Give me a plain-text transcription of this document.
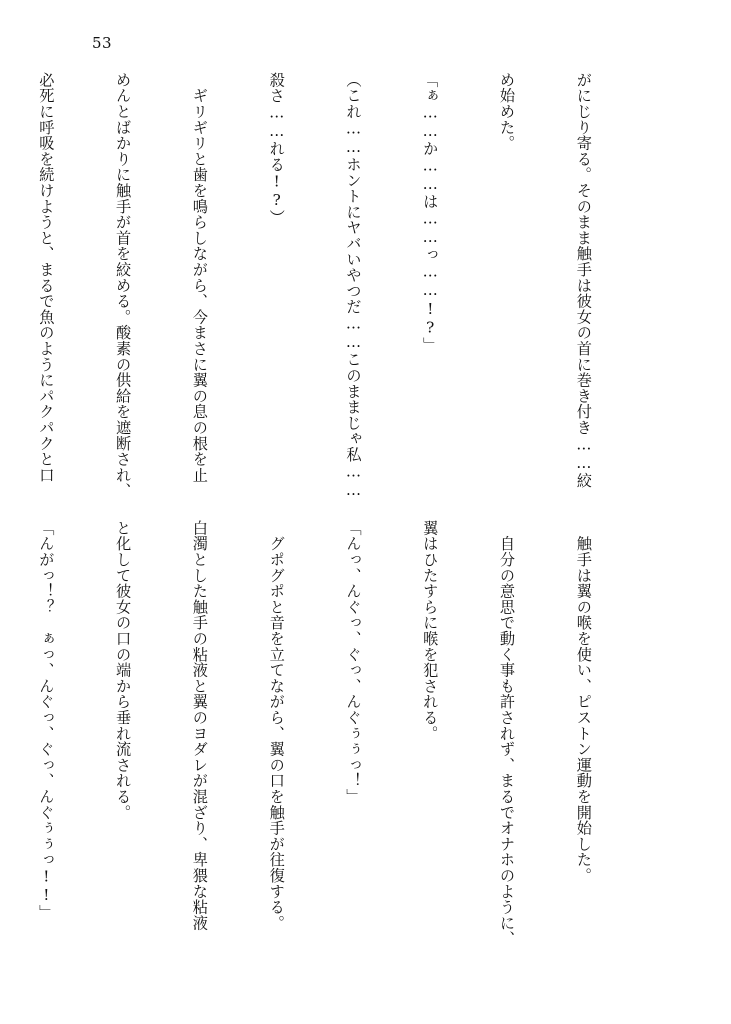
53

がにじり寄る。そのまま触手は彼女の首に巻き付き……絞

め始めた。

「ぁ……か……は……っ……!?」

（これ……ホントにヤバいやつだ……このままじゃ私……

殺さ……れる!?）

　ギリギリと歯を鳴らしながら、今まさに翼の息の根を止

めんとばかりに触手が首を絞める。酸素の供給を遮断され、

必死に呼吸を続けようと、まるで魚のようにパクパクと口

　触手は翼の喉を使い、ピストン運動を開始した。

　自分の意思で動く事も許されず、まるでオナホのように、

翼はひたすらに喉を犯される。

「んっ、んぐっ、ぐっ、んぐぅぅっ！」

　グポグポと音を立てながら、翼の口を触手が往復する。

白濁とした触手の粘液と翼のヨダレが混ざり、卑猥な粘液

と化して彼女の口の端から垂れ流される。

「んがっ！？　ぁっ、んぐっ、ぐっ、んぐぅぅっ!!」
